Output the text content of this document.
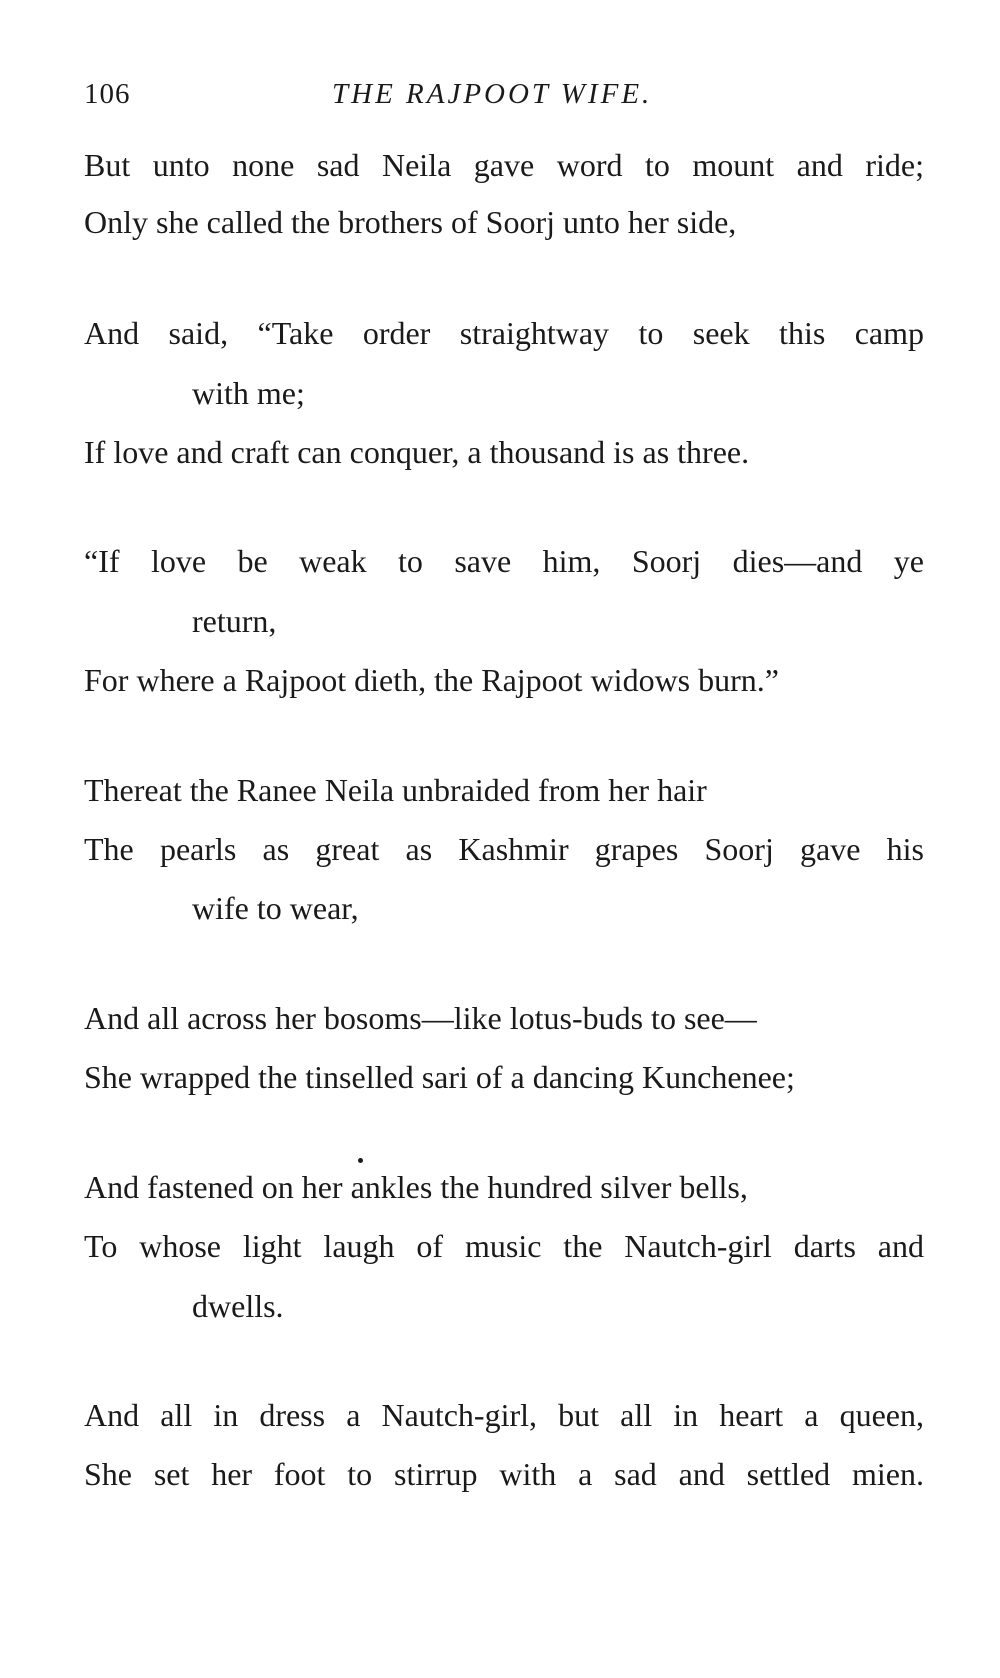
106	THE RAJPOOT WIFE.
But unto none sad Neila gave word to mount and ride;
Only she called the brothers of Soorj unto her side,
And said, “Take order straightway to seek this camp
with me;
If love and craft can conquer, a thousand is as three.
“If love be weak to save him, Soorj dies—and ye
return,
For where a Rajpoot dieth, the Rajpoot widows burn.”
Thereat the Ranee Neila unbraided from her hair
The pearls as great as Kashmir grapes Soorj gave his
wife to wear,
And all across her bosoms—like lotus-buds to see—
She wrapped the tinselled sari of a dancing Kunchenee;
And fastened on her ankles the hundred silver bells,
To whose light laugh of music the Nautch-girl darts and
dwells.
And all in dress a Nautch-girl, but all in heart a queen,
She set her foot to stirrup with a sad and settled mien.
